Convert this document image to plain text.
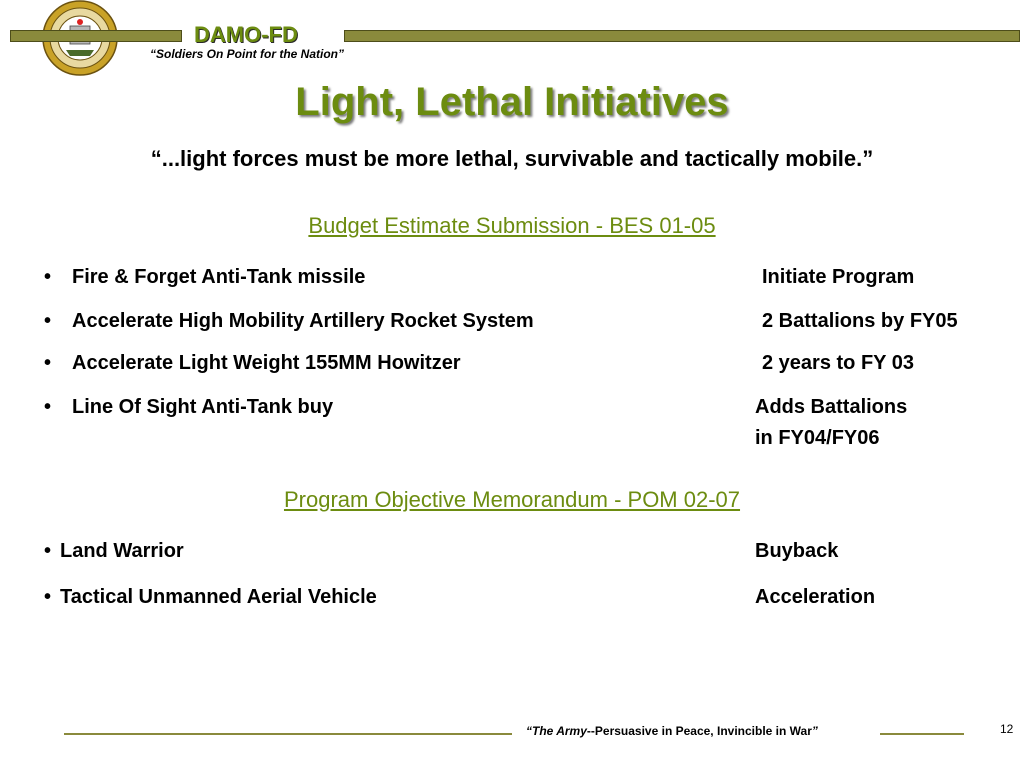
DAMO-FD
“Soldiers On Point for the Nation”
Light, Lethal Initiatives
“...light forces must be more lethal, survivable and tactically mobile.”
Budget Estimate Submission - BES 01-05
• Fire & Forget Anti-Tank missile	Initiate Program
• Accelerate High Mobility Artillery Rocket System	2 Battalions by FY05
• Accelerate Light Weight 155MM Howitzer	2 years to FY 03
• Line Of Sight Anti-Tank buy	Adds Battalions
in FY04/FY06
Program Objective Memorandum - POM 02-07
• Land Warrior	Buyback
• Tactical Unmanned Aerial Vehicle	Acceleration
“The Army--Persuasive in Peace, Invincible in War”	12
